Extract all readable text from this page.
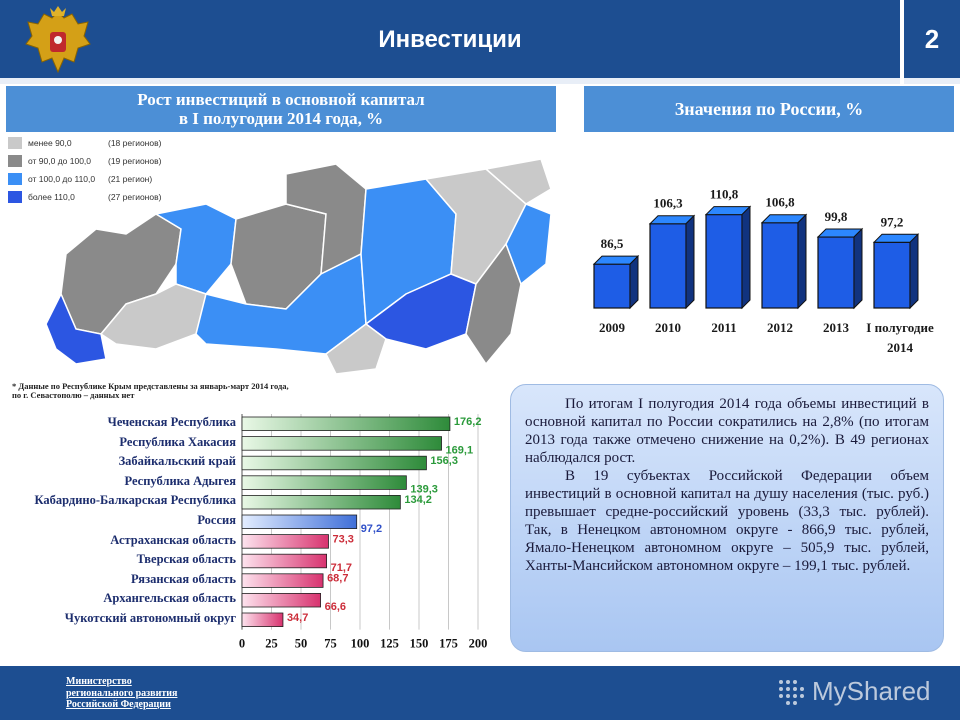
Инвестиции	2
Рост инвестиций в основной капитал
в I полугодии 2014 года, %	Значения по России, %
менее 90,0	(18 регионов)
от 90,0 до 100,0	(19 регионов)
от 100,0 до 110,0	(21 регион)
более 110,0	(27 регионов)
* Данные по Республике Крым представлены за январь-март 2014 года,
по г. Севастополю – данных нет
86,5
2009
106,3
2010
110,8
2011
106,8
2012
99,8
2013
97,2
I полугодие
2014
Чеченская Республика
Республика Хакасия
Забайкальский край
Республика Адыгея
Кабардино-Балкарская Республика
Россия
Астраханская область
Тверская область
Рязанская область
Архангельская область
Чукотский автономный округ
0 25 50 75 100 125 150 175 200
176,2
169,1
156,3
139,3
134,2
97,2
73,3
71,7
68,7
66,6
34,7

По итогам I полугодия 2014 года объемы инвестиций в основной капитал по России сократились на 2,8% (по итогам 2013 года также отмечено снижение на 0,2%). В 49 регионах наблюдался рост.

В 19 субъектах Российской Федерации объем инвестиций в основной капитал на душу населения (тыс. руб.) превышает средне-российский уровень (33,3 тыс. рублей). Так, в Ненецком автономном округе - 866,9 тыс. рублей, Ямало-Ненецком автономном округе – 505,9 тыс. рублей, Ханты-Мансийском автономном округе – 199,1 тыс. рублей.

Министерство
регионального развития
Российской Федерации	MyShared
